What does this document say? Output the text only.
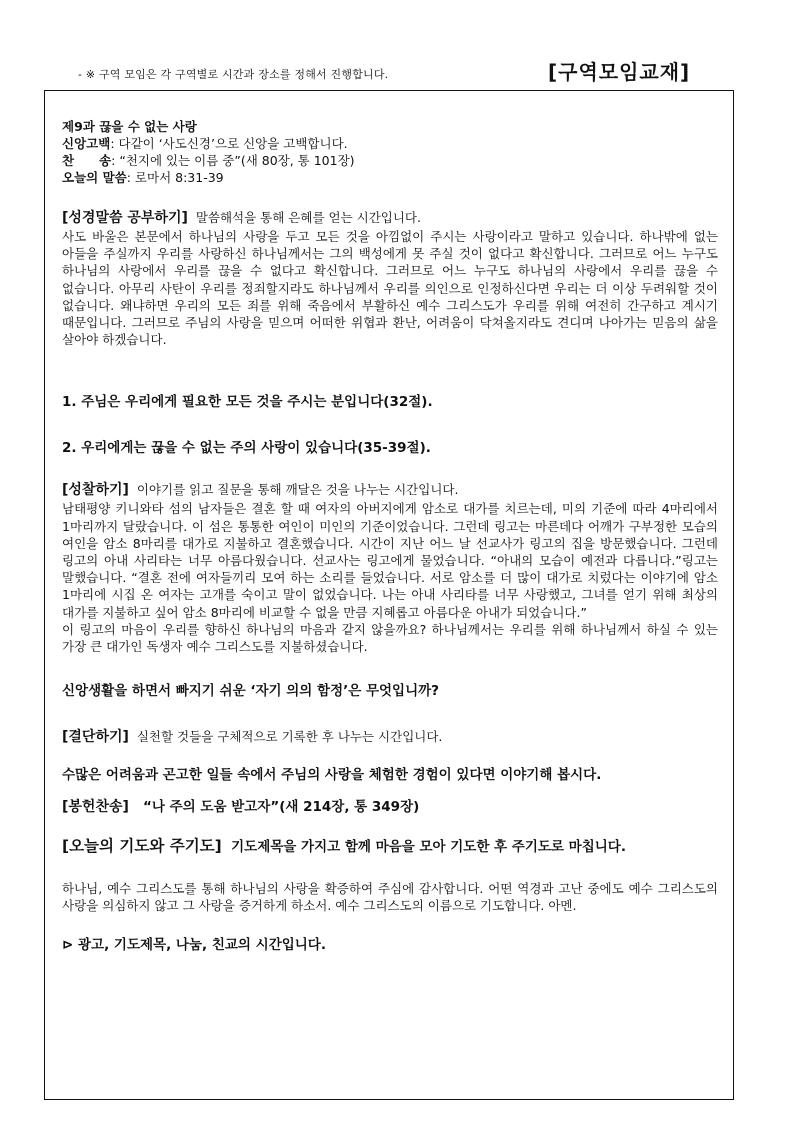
- ※ 구역 모임은 각 구역별로 시간과 장소를 정해서 진행합니다.	[구역모임교재]

제9과 끊을 수 없는 사랑

신앙고백: 다같이 ‘사도신경’으로 신앙을 고백합니다.

찬　　송: “천지에 있는 이름 중”(새 80장, 통 101장)

오늘의 말씀: 로마서 8:31-39

[성경말씀 공부하기] 말씀해석을 통해 은혜를 얻는 시간입니다.

사도 바울은 본문에서 하나님의 사랑을 두고 모든 것을 아낌없이 주시는 사랑이라고 말하고 있습니다. 하나밖에 없는 아들을 주실까지 우리를 사랑하신 하나님께서는 그의 백성에게 못 주실 것이 없다고 확신합니다. 그러므로 어느 누구도 하나님의 사랑에서 우리를 끊을 수 없다고 확신합니다. 그러므로 어느 누구도 하나님의 사랑에서 우리를 끊을 수 없습니다. 아무리 사탄이 우리를 정죄할지라도 하나님께서 우리를 의인으로 인정하신다면 우리는 더 이상 두려워할 것이 없습니다. 왜냐하면 우리의 모든 죄를 위해 죽음에서 부활하신 예수 그리스도가 우리를 위해 여전히 간구하고 계시기 때문입니다. 그러므로 주님의 사랑을 믿으며 어떠한 위협과 환난, 어려움이 닥쳐올지라도 견디며 나아가는 믿음의 삶을 살아야 하겠습니다.

1. 주님은 우리에게 필요한 모든 것을 주시는 분입니다(32절).

2. 우리에게는 끊을 수 없는 주의 사랑이 있습니다(35-39절).

[성찰하기] 이야기를 읽고 질문을 통해 깨달은 것을 나누는 시간입니다.

남태평양 키니와타 섬의 남자들은 결혼 할 때 여자의 아버지에게 암소로 대가를 치르는데, 미의 기준에 따라 4마리에서 1마리까지 달랐습니다. 이 섬은 통통한 여인이 미인의 기준이었습니다. 그런데 링고는 마른데다 어깨가 구부정한 모습의 여인을 암소 8마리를 대가로 지불하고 결혼했습니다. 시간이 지난 어느 날 선교사가 링고의 집을 방문했습니다. 그런데 링고의 아내 사리타는 너무 아름다웠습니다. 선교사는 링고에게 물었습니다. “아내의 모습이 예전과 다릅니다.”링고는 말했습니다. “결혼 전에 여자들끼리 모여 하는 소리를 들었습니다. 서로 암소를 더 많이 대가로 치렀다는 이야기에 암소 1마리에 시집 온 여자는 고개를 숙이고 말이 없었습니다. 나는 아내 사리타를 너무 사랑했고, 그녀를 얻기 위해 최상의 대가를 지불하고 싶어 암소 8마리에 비교할 수 없을 만큼 지혜롭고 아름다운 아내가 되었습니다.”

이 링고의 마음이 우리를 향하신 하나님의 마음과 같지 않을까요? 하나님께서는 우리를 위해 하나님께서 하실 수 있는 가장 큰 대가인 독생자 예수 그리스도를 지불하셨습니다.

신앙생활을 하면서 빠지기 쉬운 ‘자기 의의 함정’은 무엇입니까?

[결단하기] 실천할 것들을 구체적으로 기록한 후 나누는 시간입니다.

수많은 어려움과 곤고한 일들 속에서 주님의 사랑을 체험한 경험이 있다면 이야기해 봅시다.

[봉헌찬송] “나 주의 도움 받고자”(새 214장, 통 349장)

[오늘의 기도와 주기도] 기도제목을 가지고 함께 마음을 모아 기도한 후 주기도로 마칩니다.

하나님, 예수 그리스도를 통해 하나님의 사랑을 확증하여 주심에 감사합니다. 어떤 역경과 고난 중에도 예수 그리스도의 사랑을 의심하지 않고 그 사랑을 증거하게 하소서. 예수 그리스도의 이름으로 기도합니다. 아멘.

⊳ 광고, 기도제목, 나눔, 친교의 시간입니다.
